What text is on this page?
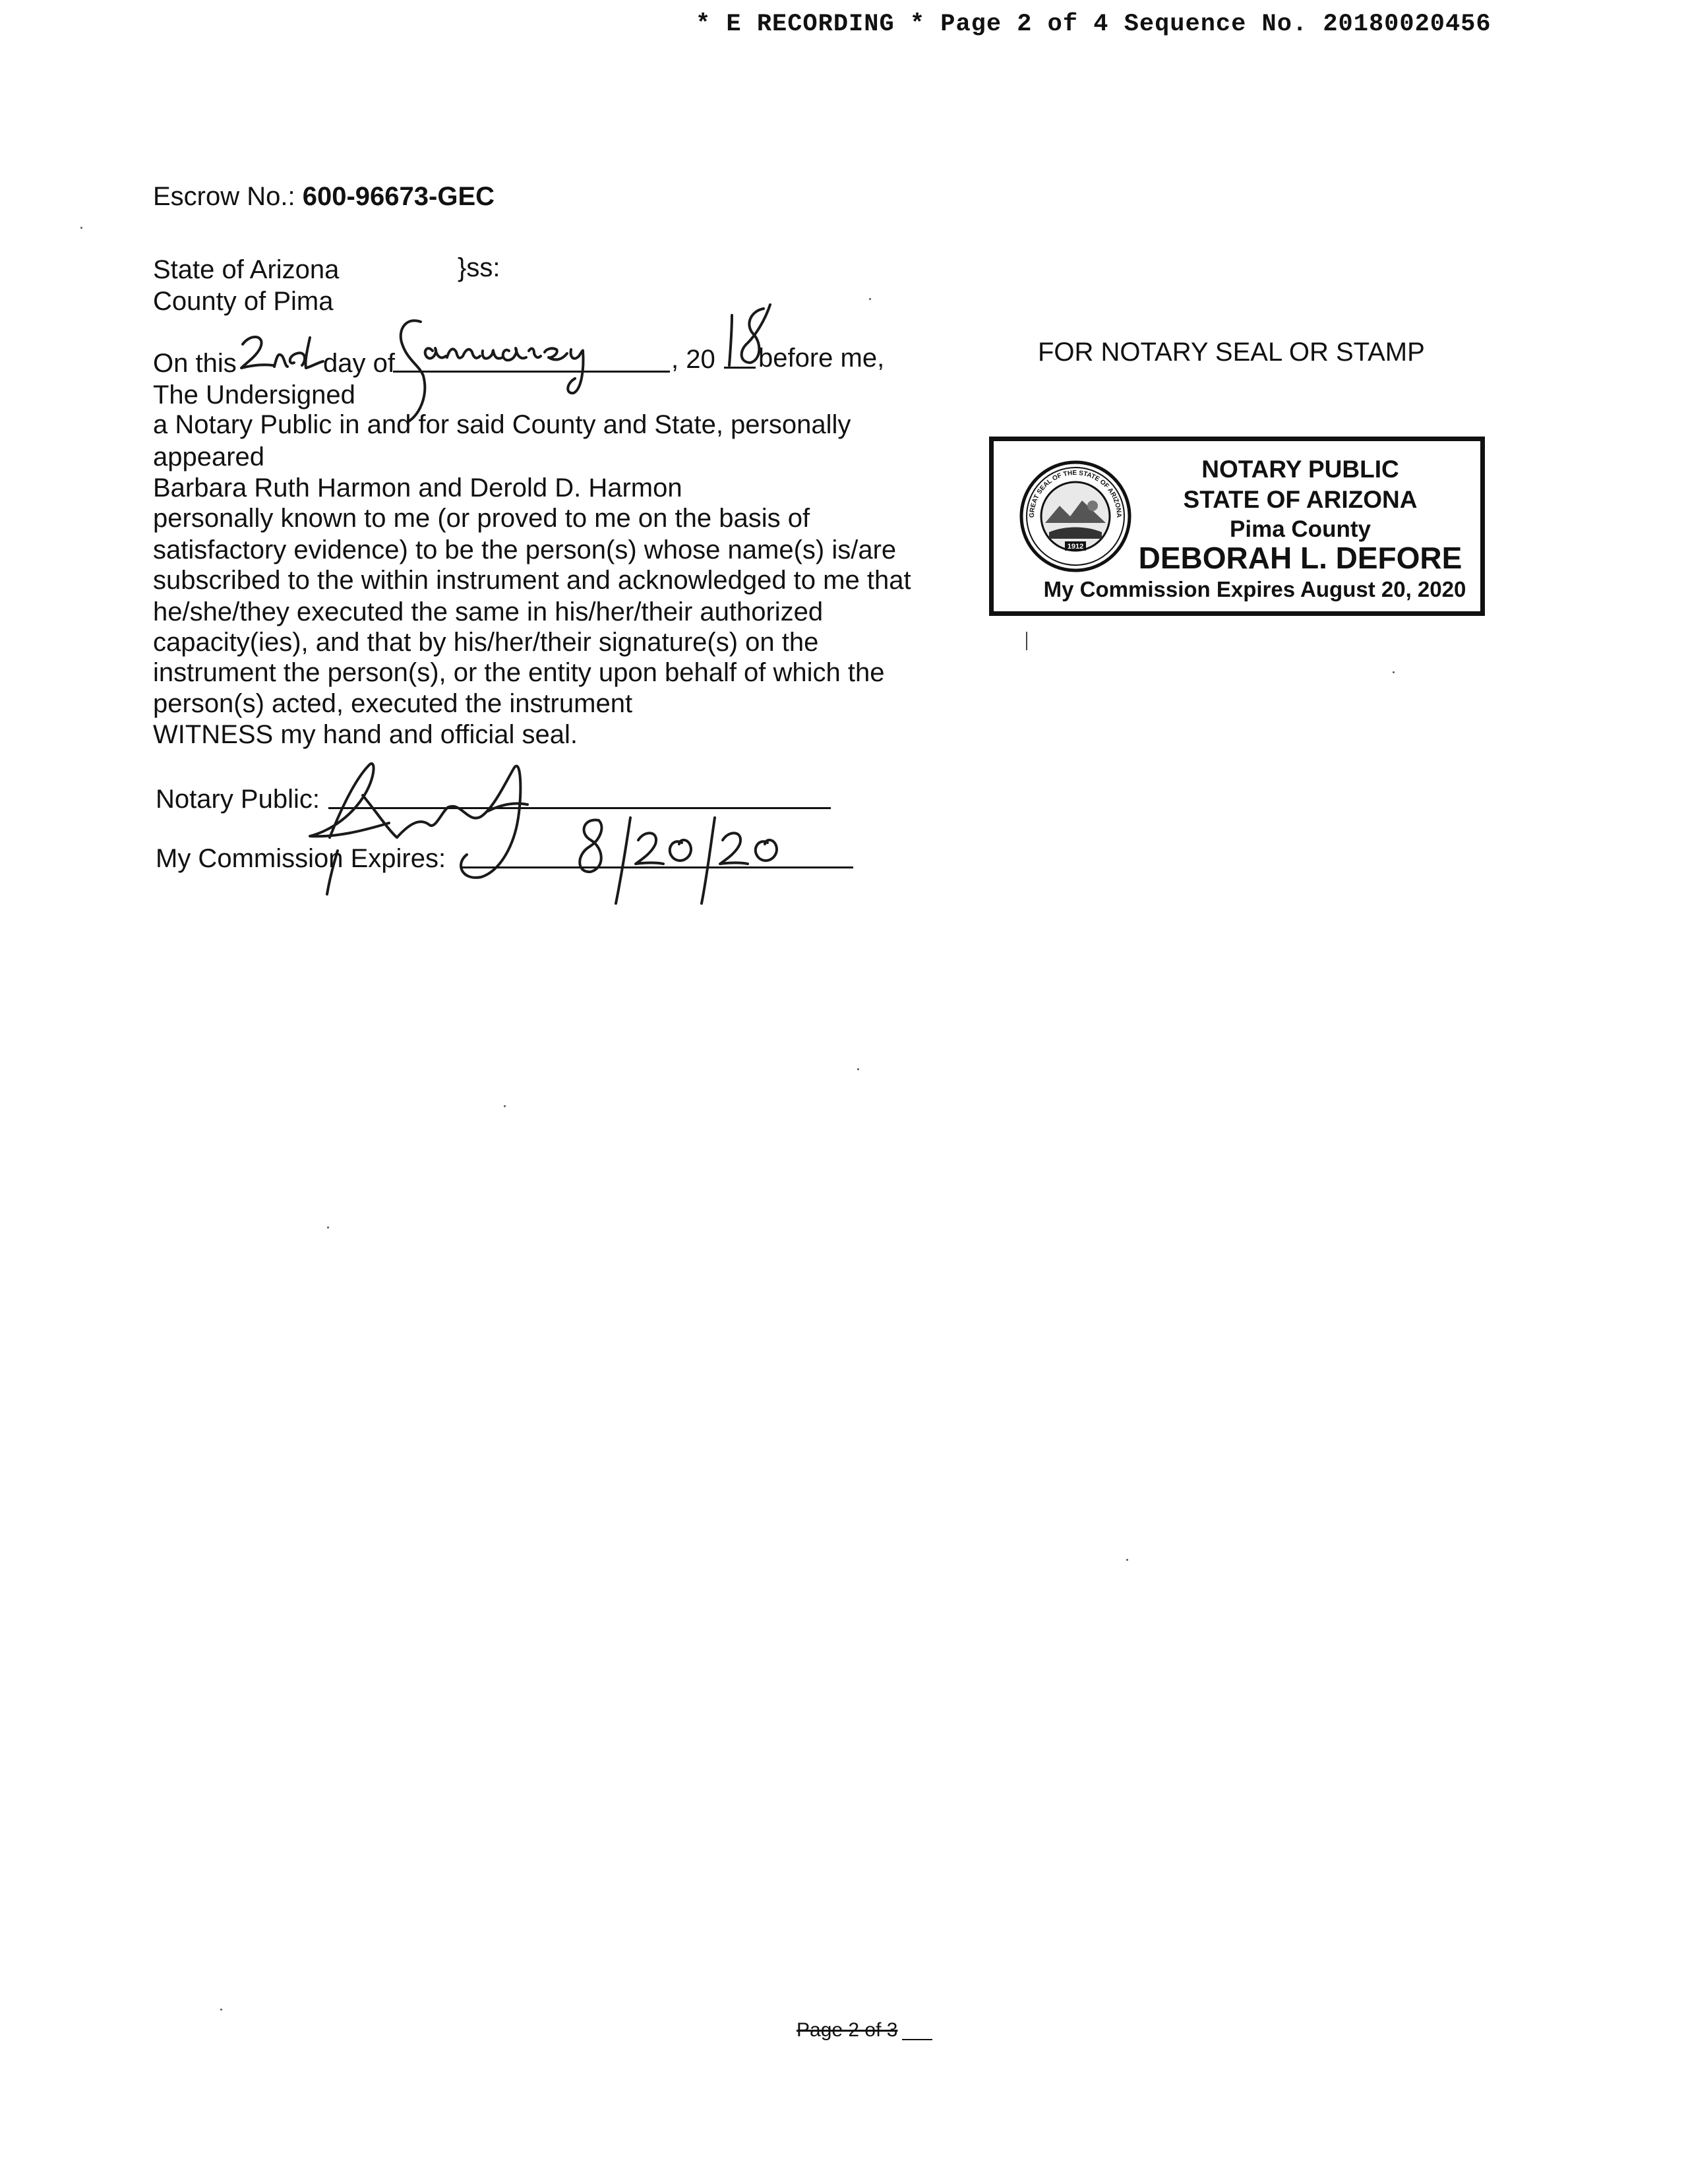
* E RECORDING * Page 2 of 4 Sequence No. 20180020456
Escrow No.: 600-96673-GEC
State of Arizona	}ss:
County of Pima
On this	day of	, 20 before me,
The Undersigned
a Notary Public in and for said County and State, personally
appeared
Barbara Ruth Harmon and Derold D. Harmon
personally known to me (or proved to me on the basis of
satisfactory evidence) to be the person(s) whose name(s) is/are
subscribed to the within instrument and acknowledged to me that
he/she/they executed the same in his/her/their authorized
capacity(ies), and that by his/her/their signature(s) on the
instrument the person(s), or the entity upon behalf of which the
person(s) acted, executed the instrument
WITNESS my hand and official seal.
Notary Public:
My Commission Expires:
FOR NOTARY SEAL OR STAMP
1912
GREAT SEAL OF THE STATE OF ARIZONA
NOTARY PUBLIC
STATE OF ARIZONA
Pima County
DEBORAH L. DEFORE
My Commission Expires August 20, 2020
Page 2 of 3
